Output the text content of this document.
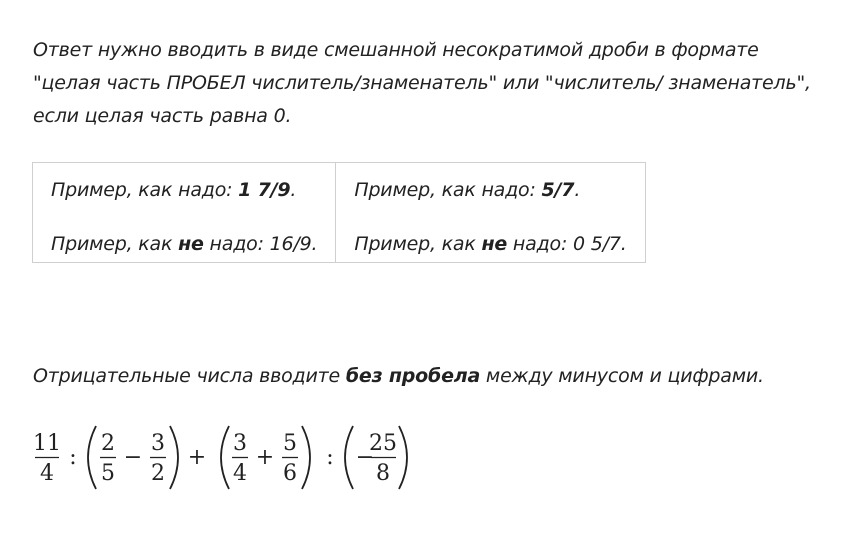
Ответ нужно вводить в виде смешанной несократимой дроби в формате "целая часть ПРОБЕЛ числитель/знаменатель" или "числитель/ знаменатель", если целая часть равна 0.
Пример, как надо: 1 7/9.
Пример, как не надо: 16/9.

Пример, как надо: 5/7.
Пример, как не надо: 0 5/7.
Отрицательные числа вводите без пробела между минусом и цифрами.
11
4
:
2
5
−
3
2
+
3
4
+
5
6
: −
25
8
